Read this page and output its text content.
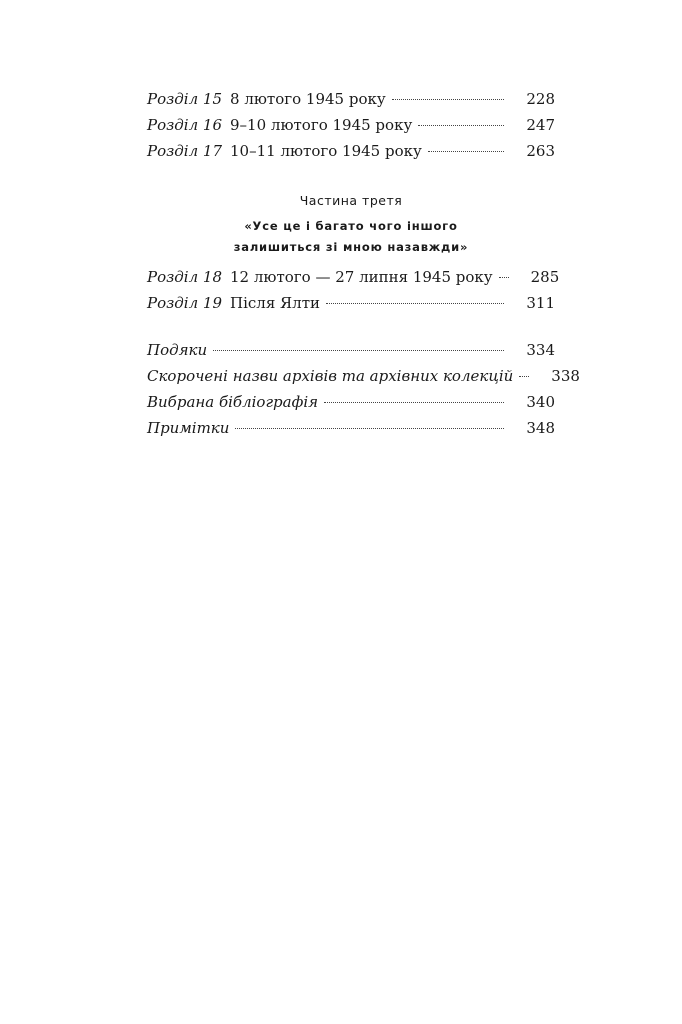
Розділ 15 8 лютого 1945 року	228
Розділ 16 9–10 лютого 1945 року	247
Розділ 17 10–11 лютого 1945 року	263
Частина третя
«Усе це і багато чого іншого
залишиться зі мною назавжди»
Розділ 18 12 лютого — 27 липня 1945 року	285
Розділ 19 Після Ялти	311
Подяки	334
Скорочені назви архівів та архівних колекцій	338
Вибрана бібліографія	340
Примітки	348
